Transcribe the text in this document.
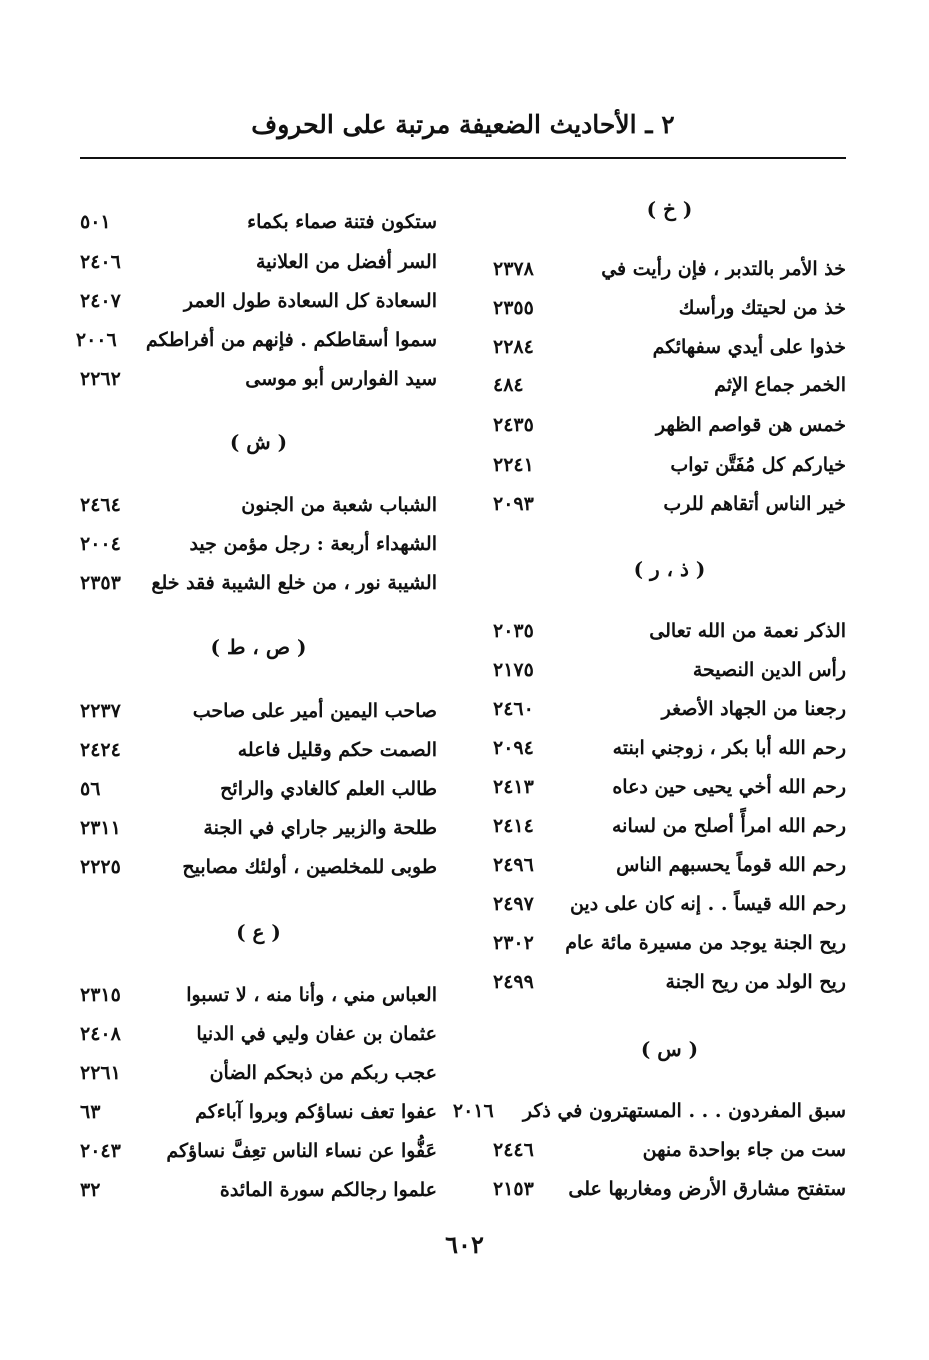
٢ ـ الأحاديث الضعيفة مرتبة على الحروف
( خ )
خذ الأمر بالتدبر ، فإن رأيت في
٢٣٧٨
خذ من لحيتك ورأسك
٢٣٥٥
خذوا على أيدي سفهائكم
٢٢٨٤
الخمر جماع الإثم
٤٨٤
خمس هن قواصم الظهر
٢٤٣٥
خياركم كل مُفَتَّن تواب
٢٢٤١
خير الناس أتقاهم للرب
٢٠٩٣
( ذ ، ر )
الذكر نعمة من الله تعالى
٢٠٣٥
رأس الدين النصيحة
٢١٧٥
رجعنا من الجهاد الأصغر
٢٤٦٠
رحم الله أبا بكر ، زوجني ابنته
٢٠٩٤
رحم الله أخي يحيى حين دعاه
٢٤١٣
رحم الله امرأً أصلح من لسانه
٢٤١٤
رحم الله قوماً يحسبهم الناس
٢٤٩٦
رحم الله قيساً . . إنه كان على دين
٢٤٩٧
ريح الجنة يوجد من مسيرة مائة عام
٢٣٠٢
ريح الولد من ريح الجنة
٢٤٩٩
( س )
سبق المفردون . . . المستهترون في ذكر
٢٠١٦
ست من جاء بواحدة منهن
٢٤٤٦
ستفتح مشارق الأرض ومغاربها على
٢١٥٣
ستكون فتنة صماء بكماء
٥٠١
السر أفضل من العلانية
٢٤٠٦
السعادة كل السعادة طول العمر
٢٤٠٧
سموا أسقاطكم . فإنهم من أفراطكم
٢٠٠٦
سيد الفوارس أبو موسى
٢٢٦٢
( ش )
الشباب شعبة من الجنون
٢٤٦٤
الشهداء أربعة : رجل مؤمن جيد
٢٠٠٤
الشيبة نور ، من خلع الشيبة فقد خلع
٢٣٥٣
( ص ، ط )
صاحب اليمين أمير على صاحب
٢٢٣٧
الصمت حكم وقليل فاعله
٢٤٢٤
طالب العلم كالغادي والرائح
٥٦
طلحة والزبير جاراي في الجنة
٢٣١١
طوبى للمخلصين ، أولئك مصابيح
٢٢٢٥
( ع )
العباس مني ، وأنا منه ، لا تسبوا
٢٣١٥
عثمان بن عفان وليي في الدنيا
٢٤٠٨
عجب ربكم من ذبحكم الضأن
٢٢٦١
عفوا تعف نساؤكم وبروا آباءكم
٦٣
عَفُّوا عن نساء الناس تعِفَّ نساؤكم
٢٠٤٣
علموا رجالكم سورة المائدة
٣٢
٦٠٢
